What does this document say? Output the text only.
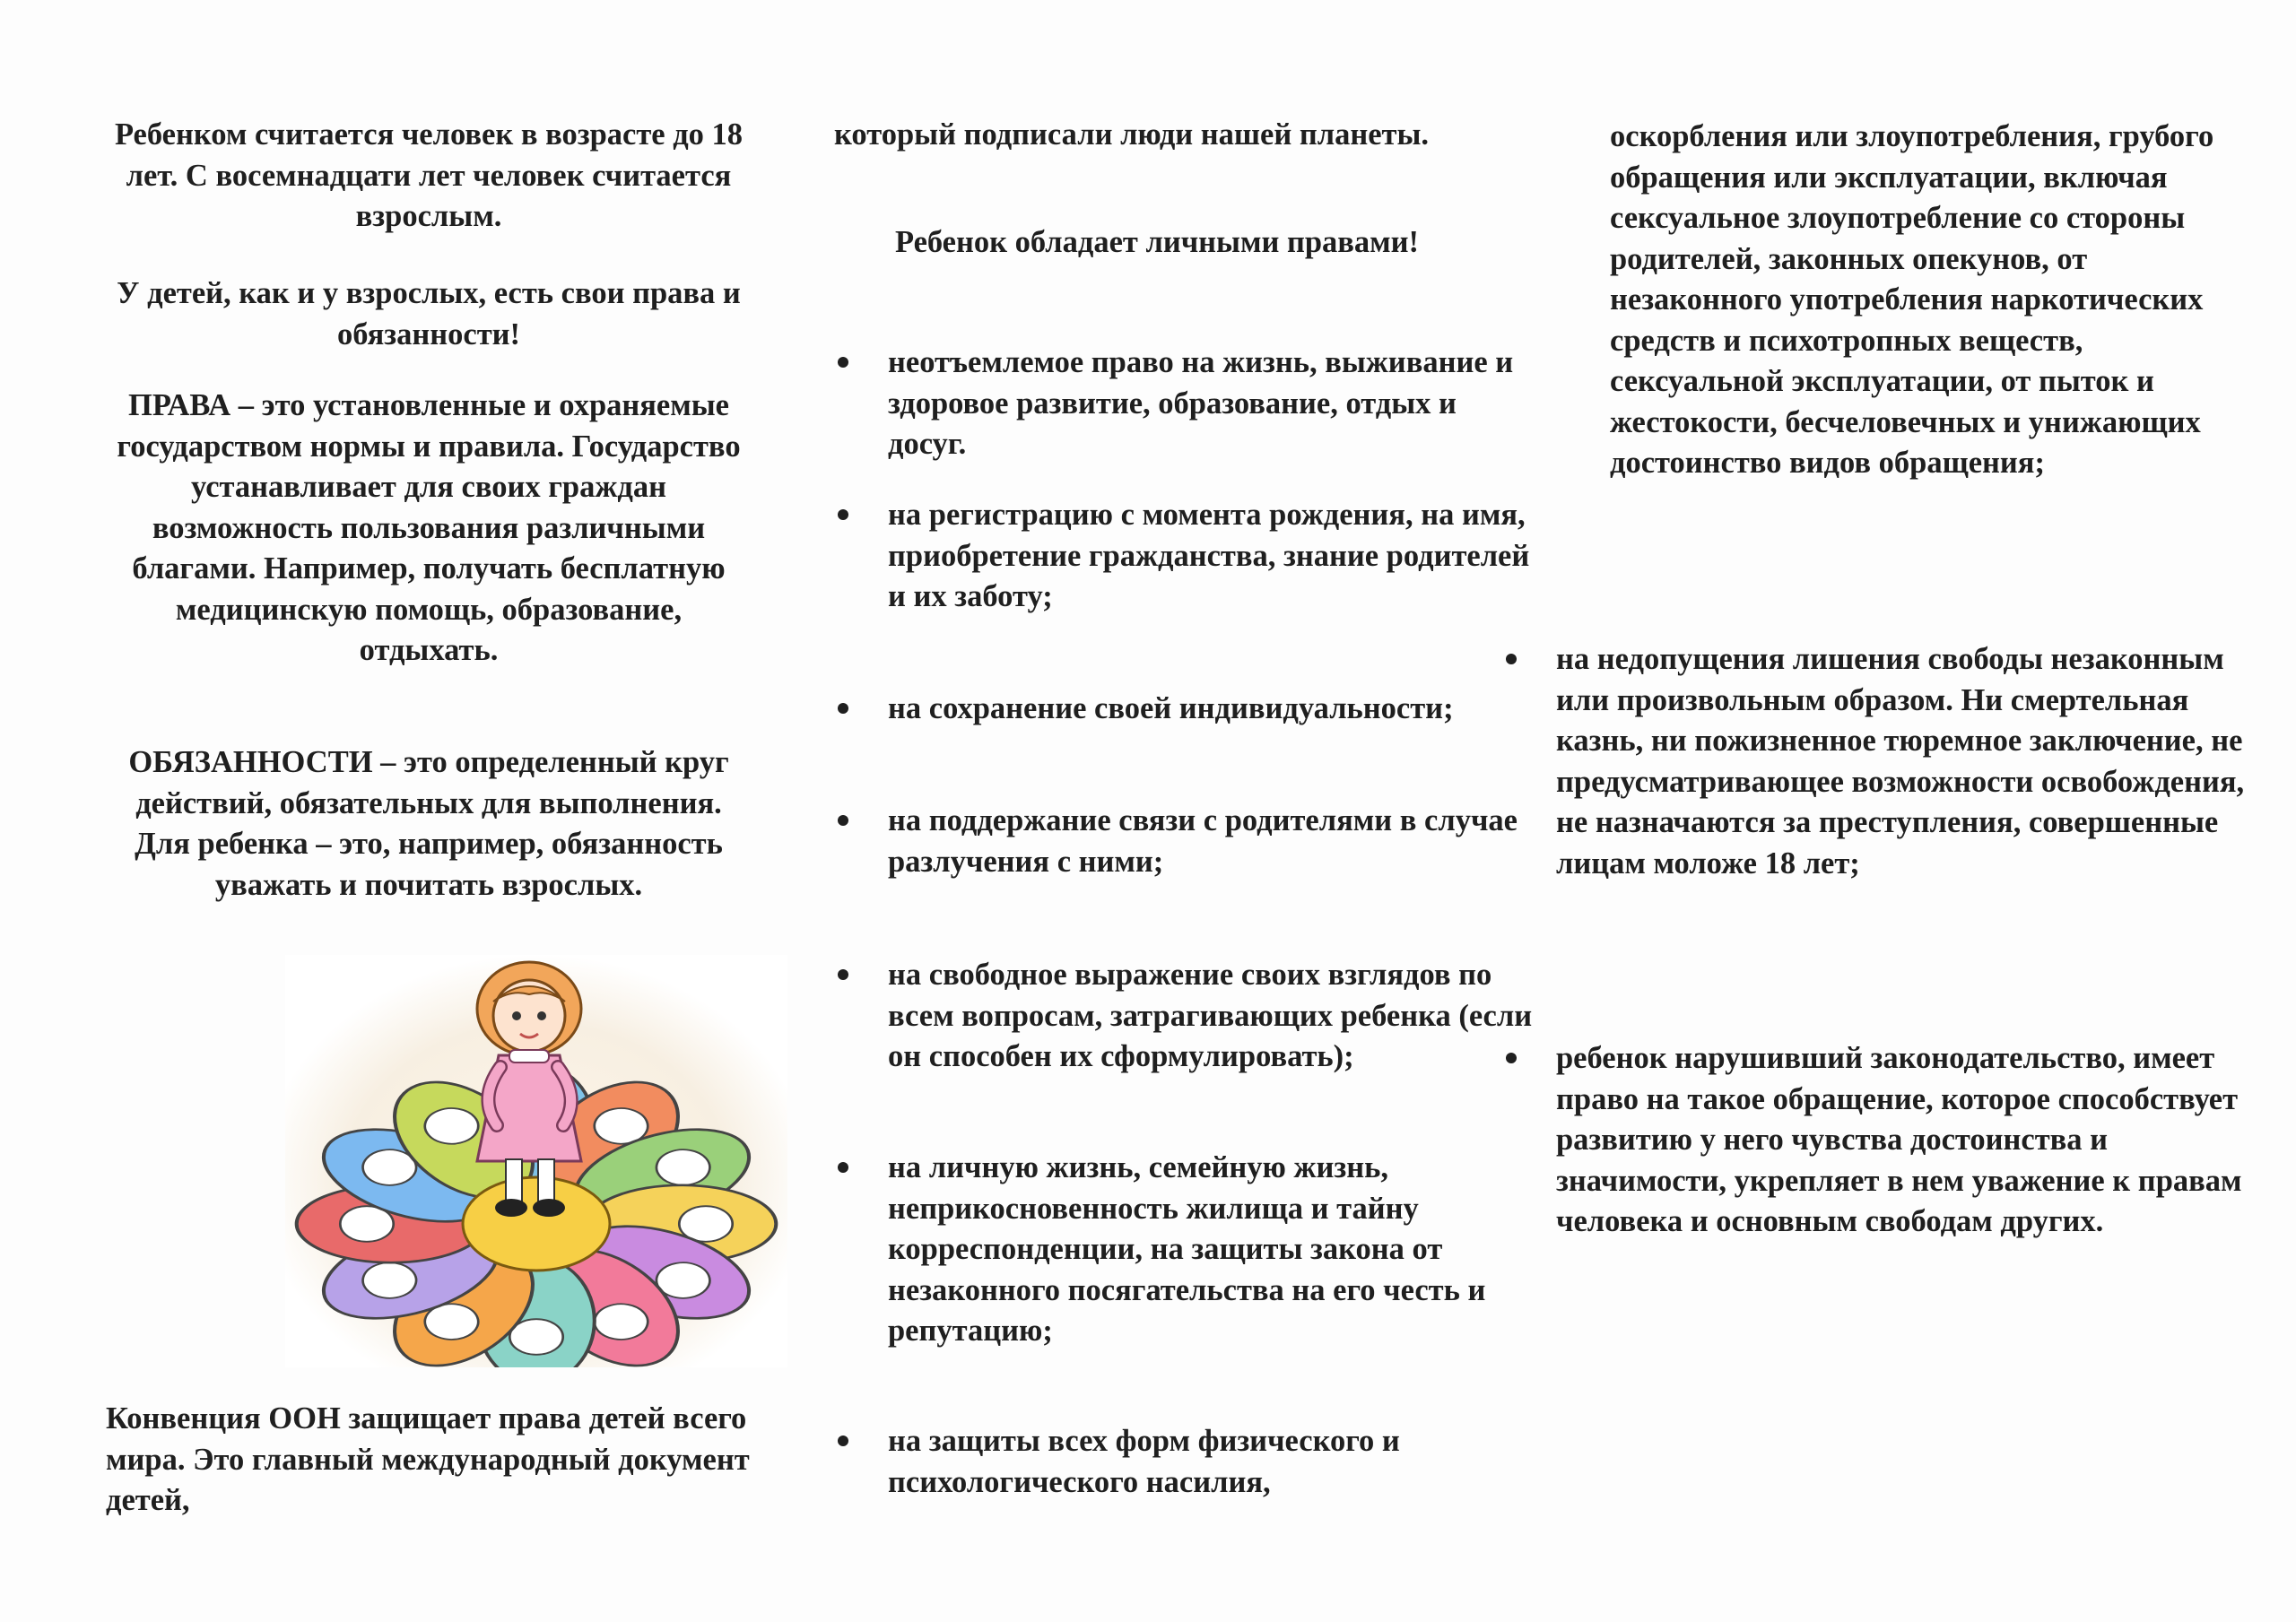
Ребенком считается человек в возрасте до 18 лет. С восемнадцати лет человек считается взрослым.

У детей, как и у взрослых, есть свои права и обязанности!

ПРАВА – это установленные и охраняемые государством нормы и правила. Государство устанавливает для своих граждан возможность пользования различными благами. Например, получать бесплатную медицинскую помощь, образование, отдыхать.

ОБЯЗАННОСТИ – это определенный круг действий, обязательных для выполнения. Для ребенка – это, например, обязанность уважать и почитать взрослых.

Конвенция ООН защищает права детей всего мира. Это главный международный документ детей,

который подписали люди нашей планеты.

Ребенок обладает личными правами!

неотъемлемое право на жизнь, выживание и здоровое развитие, образование, отдых и досуг.
на регистрацию с момента рождения, на имя, приобретение гражданства, знание родителей и их заботу;
на сохранение своей индивидуальности;
на поддержание связи с родителями в случае разлучения с ними;
на свободное выражение своих взглядов по всем вопросам, затрагивающих ребенка (если он способен их сформулировать);
на личную жизнь, семейную жизнь, неприкосновенность жилища и тайну корреспонденции, на защиты закона от незаконного посягательства на его честь и репутацию;
на защиты всех форм физического и психологического насилия,

оскорбления или злоупотребления, грубого обращения или эксплуатации, включая сексуальное злоупотребление со стороны родителей, законных опекунов, от незаконного употребления наркотических средств и психотропных веществ, сексуальной эксплуатации, от пыток и жестокости, бесчеловечных и унижающих достоинство видов обращения;

на недопущения лишения свободы незаконным или произвольным образом. Ни смертельная казнь, ни пожизненное тюремное заключение, не предусматривающее возможности освобождения, не назначаются за преступления, совершенные лицам моложе 18 лет;
ребенок нарушивший законодательство, имеет право на такое обращение, которое способствует развитию у него чувства достоинства и значимости, укрепляет в нем уважение к правам человека и основным свободам других.
